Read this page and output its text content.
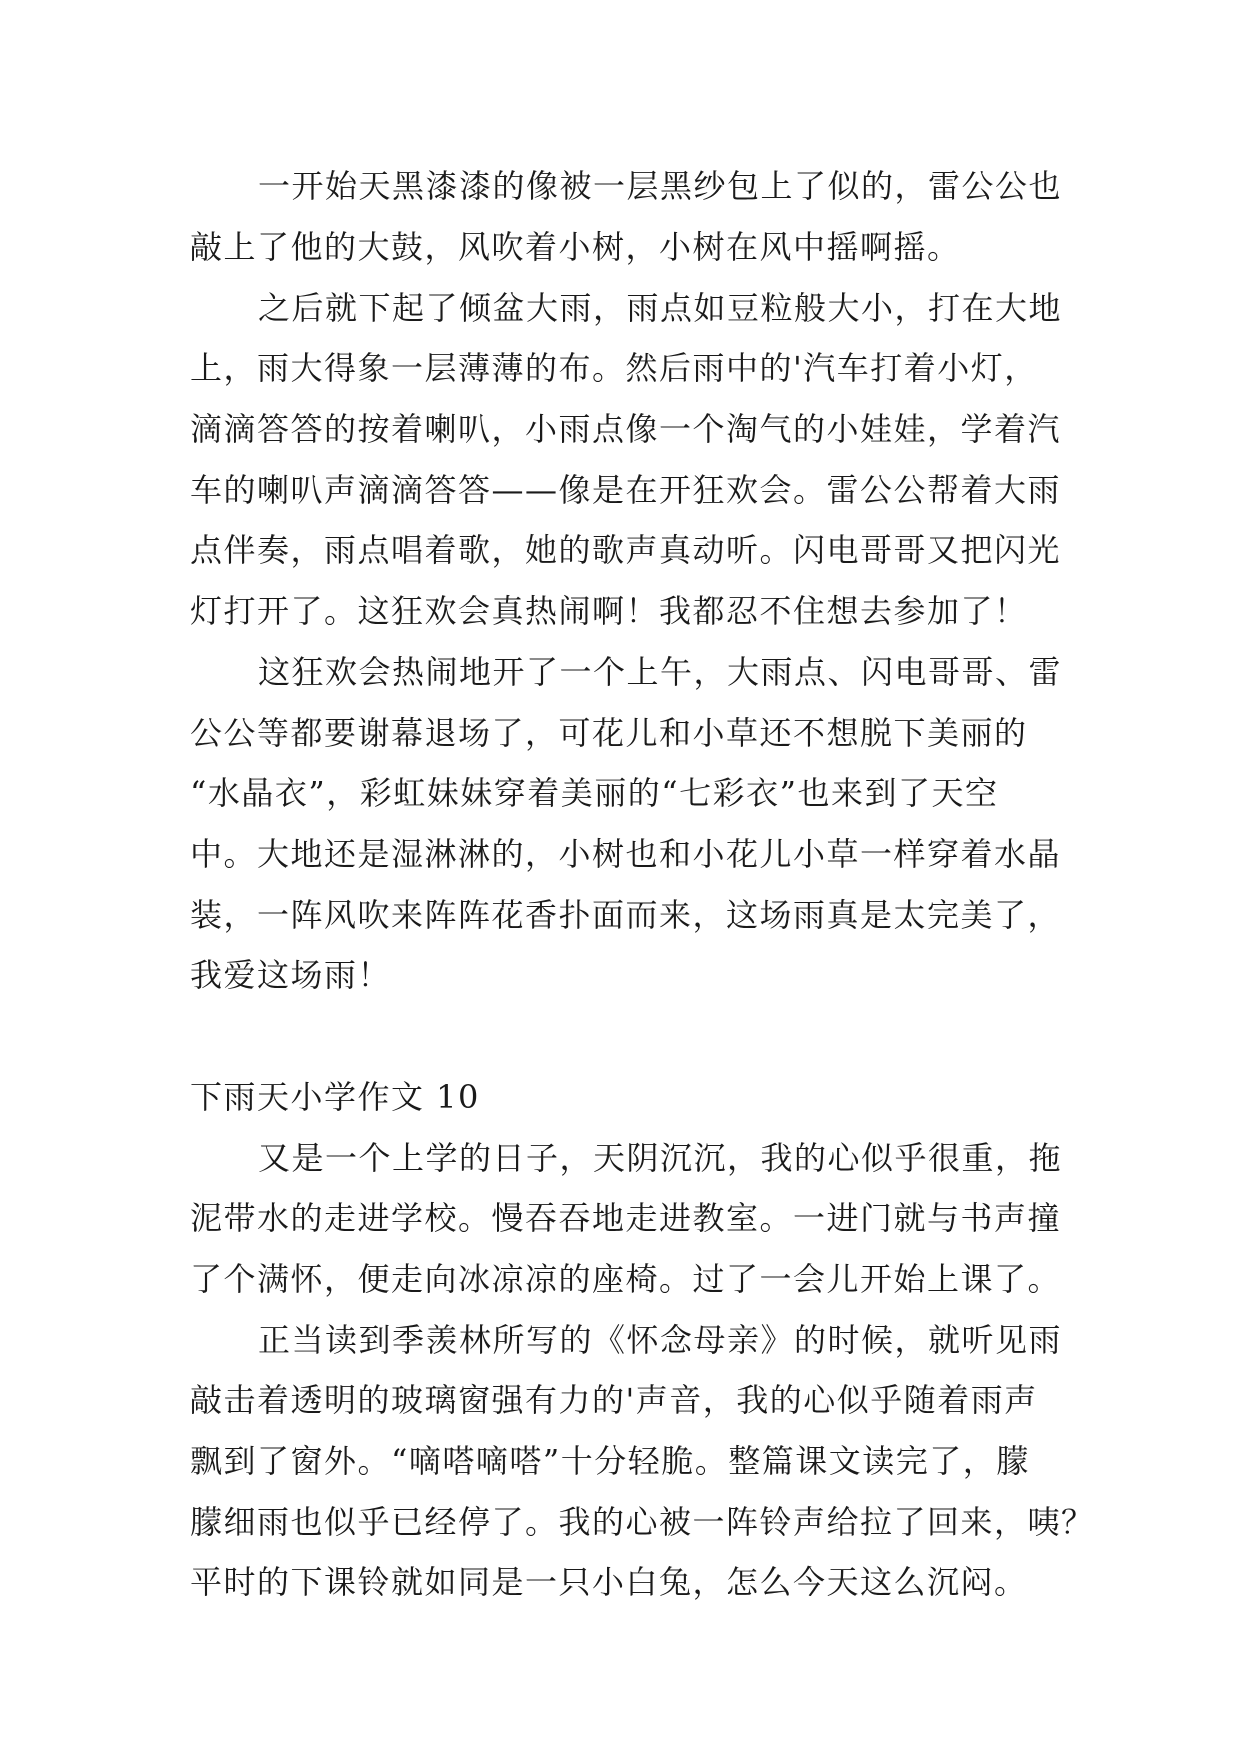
一开始天黑漆漆的像被一层黑纱包上了似的，雷公公也
敲上了他的大鼓，风吹着小树，小树在风中摇啊摇。
之后就下起了倾盆大雨，雨点如豆粒般大小，打在大地
上，雨大得象一层薄薄的布。然后雨中的'汽车打着小灯，
滴滴答答的按着喇叭，小雨点像一个淘气的小娃娃，学着汽
车的喇叭声滴滴答答——像是在开狂欢会。雷公公帮着大雨
点伴奏，雨点唱着歌，她的歌声真动听。闪电哥哥又把闪光
灯打开了。这狂欢会真热闹啊！我都忍不住想去参加了！
这狂欢会热闹地开了一个上午，大雨点、闪电哥哥、雷
公公等都要谢幕退场了，可花儿和小草还不想脱下美丽的
“水晶衣”，彩虹妹妹穿着美丽的“七彩衣”也来到了天空
中。大地还是湿淋淋的，小树也和小花儿小草一样穿着水晶
装，一阵风吹来阵阵花香扑面而来，这场雨真是太完美了，
我爱这场雨！
下雨天小学作文 10
又是一个上学的日子，天阴沉沉，我的心似乎很重，拖
泥带水的走进学校。慢吞吞地走进教室。一进门就与书声撞
了个满怀，便走向冰凉凉的座椅。过了一会儿开始上课了。
正当读到季羡林所写的《怀念母亲》的时候，就听见雨
敲击着透明的玻璃窗强有力的'声音，我的心似乎随着雨声
飘到了窗外。“嘀嗒嘀嗒”十分轻脆。整篇课文读完了，朦
朦细雨也似乎已经停了。我的心被一阵铃声给拉了回来，咦？
平时的下课铃就如同是一只小白兔，怎么今天这么沉闷。
